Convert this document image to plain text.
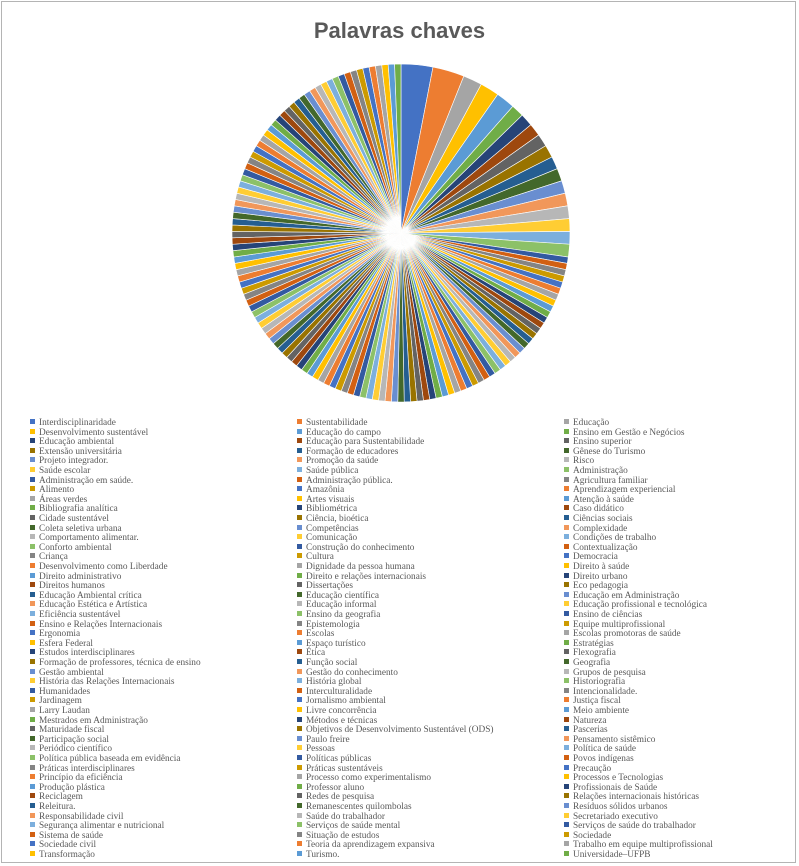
Palavras chaves
Interdisciplinaridade	Sustentabilidade	Educação
Desenvolvimento sustentável	Educação do campo	Ensino em Gestão e Negócios
Educação ambiental	Educação para Sustentabilidade	Ensino superior
Extensão universitária	Formação de educadores	Gênese do Turismo
Projeto integrador.	Promoção da saúde	Risco
Saúde escolar	Saúde pública	Administração
Administração em saúde.	Administração pública.	Agricultura familiar
Alimento	Amazônia	Aprendizagem experiencial
Áreas verdes	Artes visuais	Atenção à saúde
Bibliografia analítica	Bibliométrica	Caso didático
Cidade sustentável	Ciência, bioética	Ciências sociais
Coleta seletiva urbana	Competências	Complexidade
Comportamento alimentar.	Comunicação	Condições de trabalho
Conforto ambiental	Construção do conhecimento	Contextualização
Criança	Cultura	Democracia
Desenvolvimento como Liberdade	Dignidade da pessoa humana	Direito à saúde
Direito administrativo	Direito e relações internacionais	Direito urbano
Direitos humanos	Dissertações	Eco pedagogia
Educação Ambiental crítica	Educação científica	Educação em Administração
Educação Estética e Artística	Educação informal	Educação profissional e tecnológica
Eficiência sustentável	Ensino da geografia	Ensino de ciências
Ensino e Relações Internacionais	Epistemologia	Equipe multiprofissional
Ergonomia	Escolas	Escolas promotoras de saúde
Esfera Federal	Espaço turístico	Estratégias
Estudos interdisciplinares	Ética	Flexografia
Formação de professores, técnica de ensino	Função social	Geografia
Gestão ambiental	Gestão do conhecimento	Grupos de pesquisa
História das Relações Internacionais	História global	Historiografia
Humanidades	Interculturalidade	Intencionalidade.
Jardinagem	Jornalismo ambiental	Justiça fiscal
Larry Laudan	Livre concorrência	Meio ambiente
Mestrados em Administração	Métodos e técnicas	Natureza
Maturidade fiscal	Objetivos de Desenvolvimento Sustentável (ODS)	Pascerias
Participação social	Paulo freire	Pensamento sistêmico
Periódico científico	Pessoas	Política de saúde
Política pública baseada em evidência	Políticas públicas	Povos indígenas
Práticas interdisciplinares	Práticas sustentáveis	Precaução
Princípio da eficiência	Processo como experimentalismo	Processos e Tecnologias
Produção plástica	Professor aluno	Profissionais de Saúde
Reciclagem	Redes de pesquisa	Relações internacionais históricas
Releitura.	Remanescentes quilombolas	Resíduos sólidos urbanos
Responsabilidade civil	Saúde do trabalhador	Secretariado executivo
Segurança alimentar e nutricional	Serviços de saúde mental	Serviços de saúde do trabalhador
Sistema de saúde	Situação de estudos	Sociedade
Sociedade civil	Teoria da aprendizagem expansiva	Trabalho em equipe multiprofissional
Transformação	Turismo.	Universidade–UFPB
